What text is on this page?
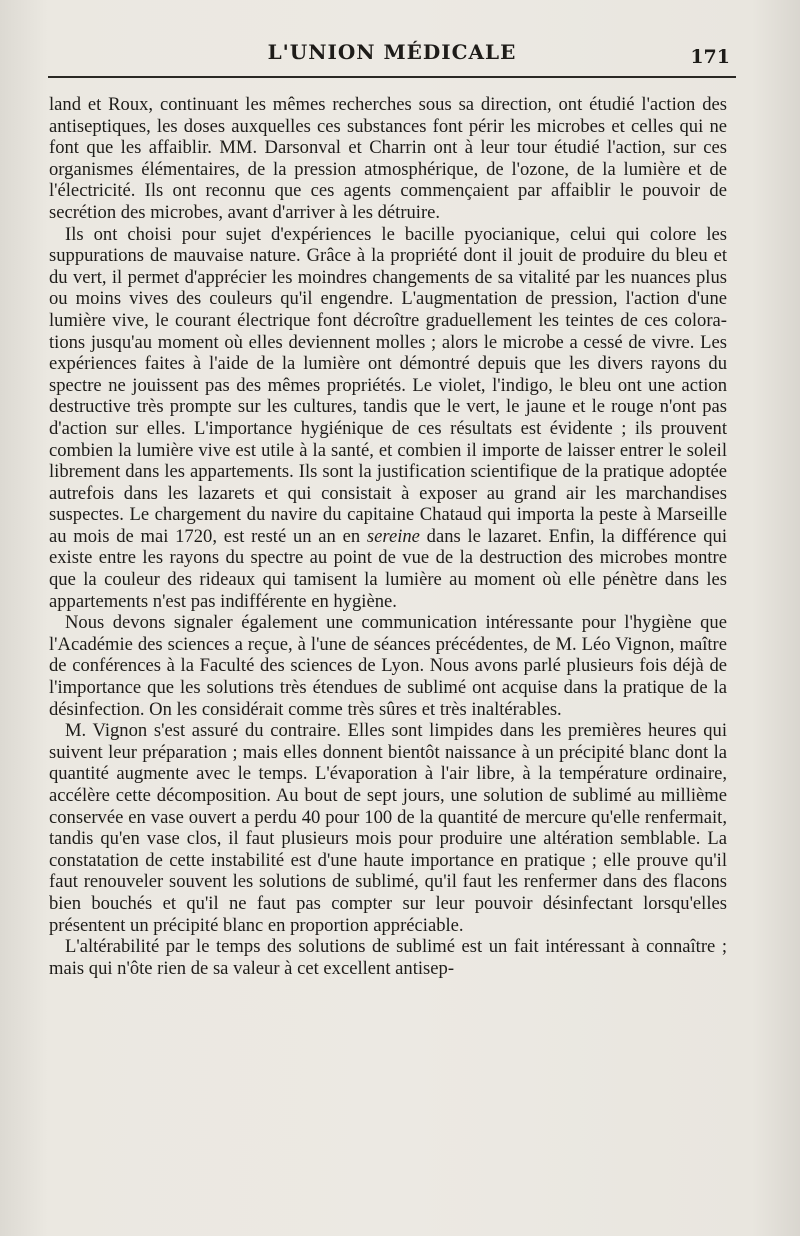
L'UNION MÉDICALE	171

land et Roux, continuant les mêmes recherches sous sa direction, ont étudié l'action des antiseptiques, les doses auxquelles ces substances font périr les microbes et celles qui ne font que les affaiblir. MM. Darsonval et Charrin ont à leur tour étudié l'action, sur ces organismes élémentaires, de la pression atmosphérique, de l'ozone, de la lumière et de l'électricité. Ils ont reconnu que ces agents commençaient par affaiblir le pouvoir de secrétion des microbes, avant d'arriver à les détruire.

Ils ont choisi pour sujet d'expériences le bacille pyocianique, celui qui colore les suppurations de mauvaise nature. Grâce à la propriété dont il jouit de produire du bleu et du vert, il permet d'apprécier les moindres changements de sa vitalité par les nuances plus ou moins vives des couleurs qu'il engendre. L'augmentation de pression, l'action d'une lumière vive, le courant électrique font décroître graduellement les teintes de ces colorations jusqu'au moment où elles deviennent molles ; alors le microbe a cessé de vivre. Les expériences faites à l'aide de la lumière ont démontré depuis que les divers rayons du spectre ne jouissent pas des mêmes propriétés. Le violet, l'indigo, le bleu ont une action destructive très prompte sur les cultures, tandis que le vert, le jaune et le rouge n'ont pas d'action sur elles. L'importance hygiénique de ces résultats est évidente ; ils prouvent combien la lumière vive est utile à la santé, et combien il importe de laisser entrer le soleil librement dans les appartements. Ils sont la justification scientifique de la pratique adoptée autrefois dans les lazarets et qui consistait à exposer au grand air les marchandises suspectes. Le chargement du navire du capitaine Chataud qui importa la peste à Marseille au mois de mai 1720, est resté un an en sereine dans le lazaret. Enfin, la différence qui existe entre les rayons du spectre au point de vue de la destruction des microbes montre que la couleur des rideaux qui tamisent la lumière au moment où elle pénètre dans les appartements n'est pas indifférente en hygiène.

Nous devons signaler également une communication intéressante pour l'hygiène que l'Académie des sciences a reçue, à l'une de séances précédentes, de M. Léo Vignon, maître de conférences à la Faculté des sciences de Lyon. Nous avons parlé plusieurs fois déjà de l'importance que les solutions très étendues de sublimé ont acquise dans la pratique de la désinfection. On les considérait comme très sûres et très inaltérables.

M. Vignon s'est assuré du contraire. Elles sont limpides dans les premières heures qui suivent leur préparation ; mais elles donnent bientôt naissance à un précipité blanc dont la quantité augmente avec le temps. L'évaporation à l'air libre, à la température ordinaire, accélère cette décomposition. Au bout de sept jours, une solution de sublimé au millième conservée en vase ouvert a perdu 40 pour 100 de la quantité de mercure qu'elle renfermait, tandis qu'en vase clos, il faut plusieurs mois pour produire une altération semblable. La constatation de cette instabilité est d'une haute importance en pratique ; elle prouve qu'il faut renouveler souvent les solutions de sublimé, qu'il faut les renfermer dans des flacons bien bouchés et qu'il ne faut pas compter sur leur pouvoir désinfectant lorsqu'elles présentent un précipité blanc en proportion appréciable.

L'altérabilité par le temps des solutions de sublimé est un fait intéressant à connaître ; mais qui n'ôte rien de sa valeur à cet excellent antisep-
